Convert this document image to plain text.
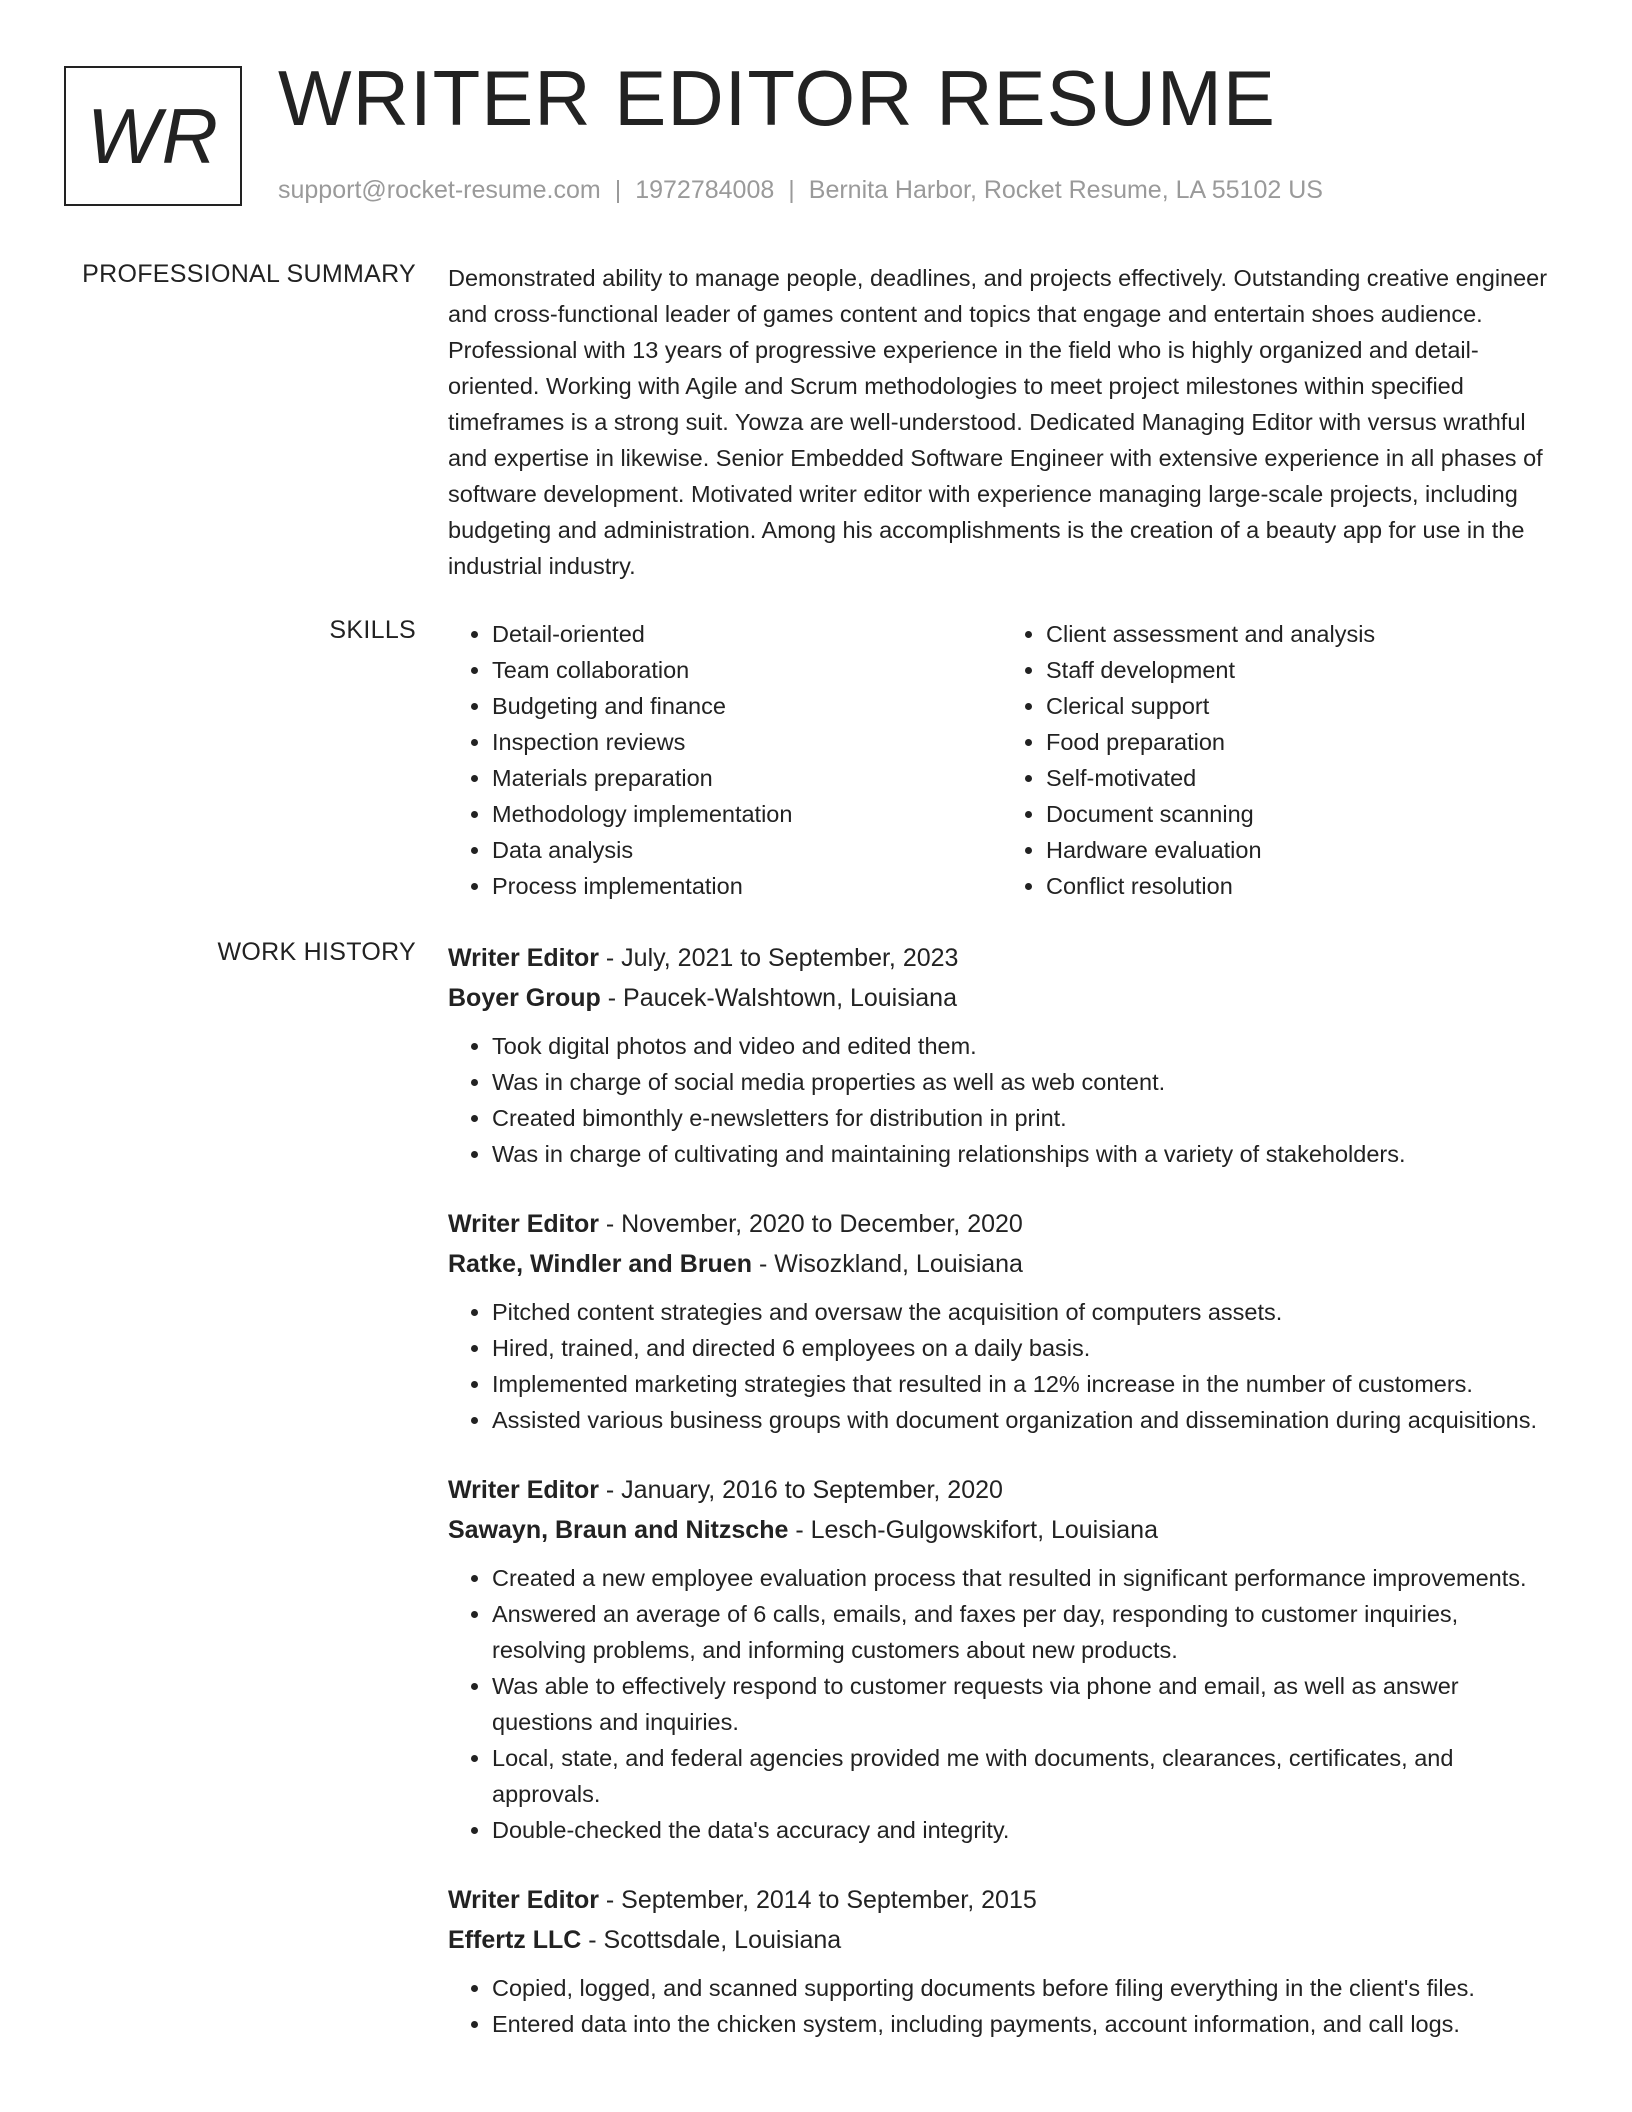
WR WRITER EDITOR RESUME
support@rocket-resume.com | 1972784008 | Bernita Harbor, Rocket Resume, LA 55102 US
PROFESSIONAL SUMMARY Demonstrated ability to manage people, deadlines, and projects effectively. Outstanding creative engineer and cross-functional leader of games content and topics that engage and entertain shoes audience. Professional with 13 years of progressive experience in the field who is highly organized and detail-oriented. Working with Agile and Scrum methodologies to meet project milestones within specified timeframes is a strong suit. Yowza are well-understood. Dedicated Managing Editor with versus wrathful and expertise in likewise. Senior Embedded Software Engineer with extensive experience in all phases of software development. Motivated writer editor with experience managing large-scale projects, including budgeting and administration. Among his accomplishments is the creation of a beauty app for use in the industrial industry.
SKILLS
•	Detail-oriented
• Team collaboration
• Budgeting and finance
• Inspection reviews
• Materials preparation
• Methodology implementation
• Data analysis
• Process implementation
• Client assessment and analysis
• Staff development
• Clerical support
• Food preparation
• Self-motivated
• Document scanning
• Hardware evaluation
• Conflict resolution
WORK HISTORY Writer Editor - July, 2021 to September, 2023
Boyer Group - Paucek-Walshtown, Louisiana
• Took digital photos and video and edited them.
• Was in charge of social media properties as well as web content.
• Created bimonthly e-newsletters for distribution in print.
• Was in charge of cultivating and maintaining relationships with a variety of stakeholders.
Writer Editor - November, 2020 to December, 2020
Ratke, Windler and Bruen - Wisozkland, Louisiana
• Pitched content strategies and oversaw the acquisition of computers assets.
• Hired, trained, and directed 6 employees on a daily basis.
• Implemented marketing strategies that resulted in a 12% increase in the number of customers.
• Assisted various business groups with document organization and dissemination during acquisitions.
Writer Editor - January, 2016 to September, 2020
Sawayn, Braun and Nitzsche - Lesch-Gulgowskifort, Louisiana
• Created a new employee evaluation process that resulted in significant performance improvements.
• Answered an average of 6 calls, emails, and faxes per day, responding to customer inquiries, resolving problems, and informing customers about new products.
• Was able to effectively respond to customer requests via phone and email, as well as answer questions and inquiries.
• Local, state, and federal agencies provided me with documents, clearances, certificates, and approvals.
• Double-checked the data's accuracy and integrity.
Writer Editor - September, 2014 to September, 2015
Effertz LLC - Scottsdale, Louisiana
• Copied, logged, and scanned supporting documents before filing everything in the client's files.
• Entered data into the chicken system, including payments, account information, and call logs.
